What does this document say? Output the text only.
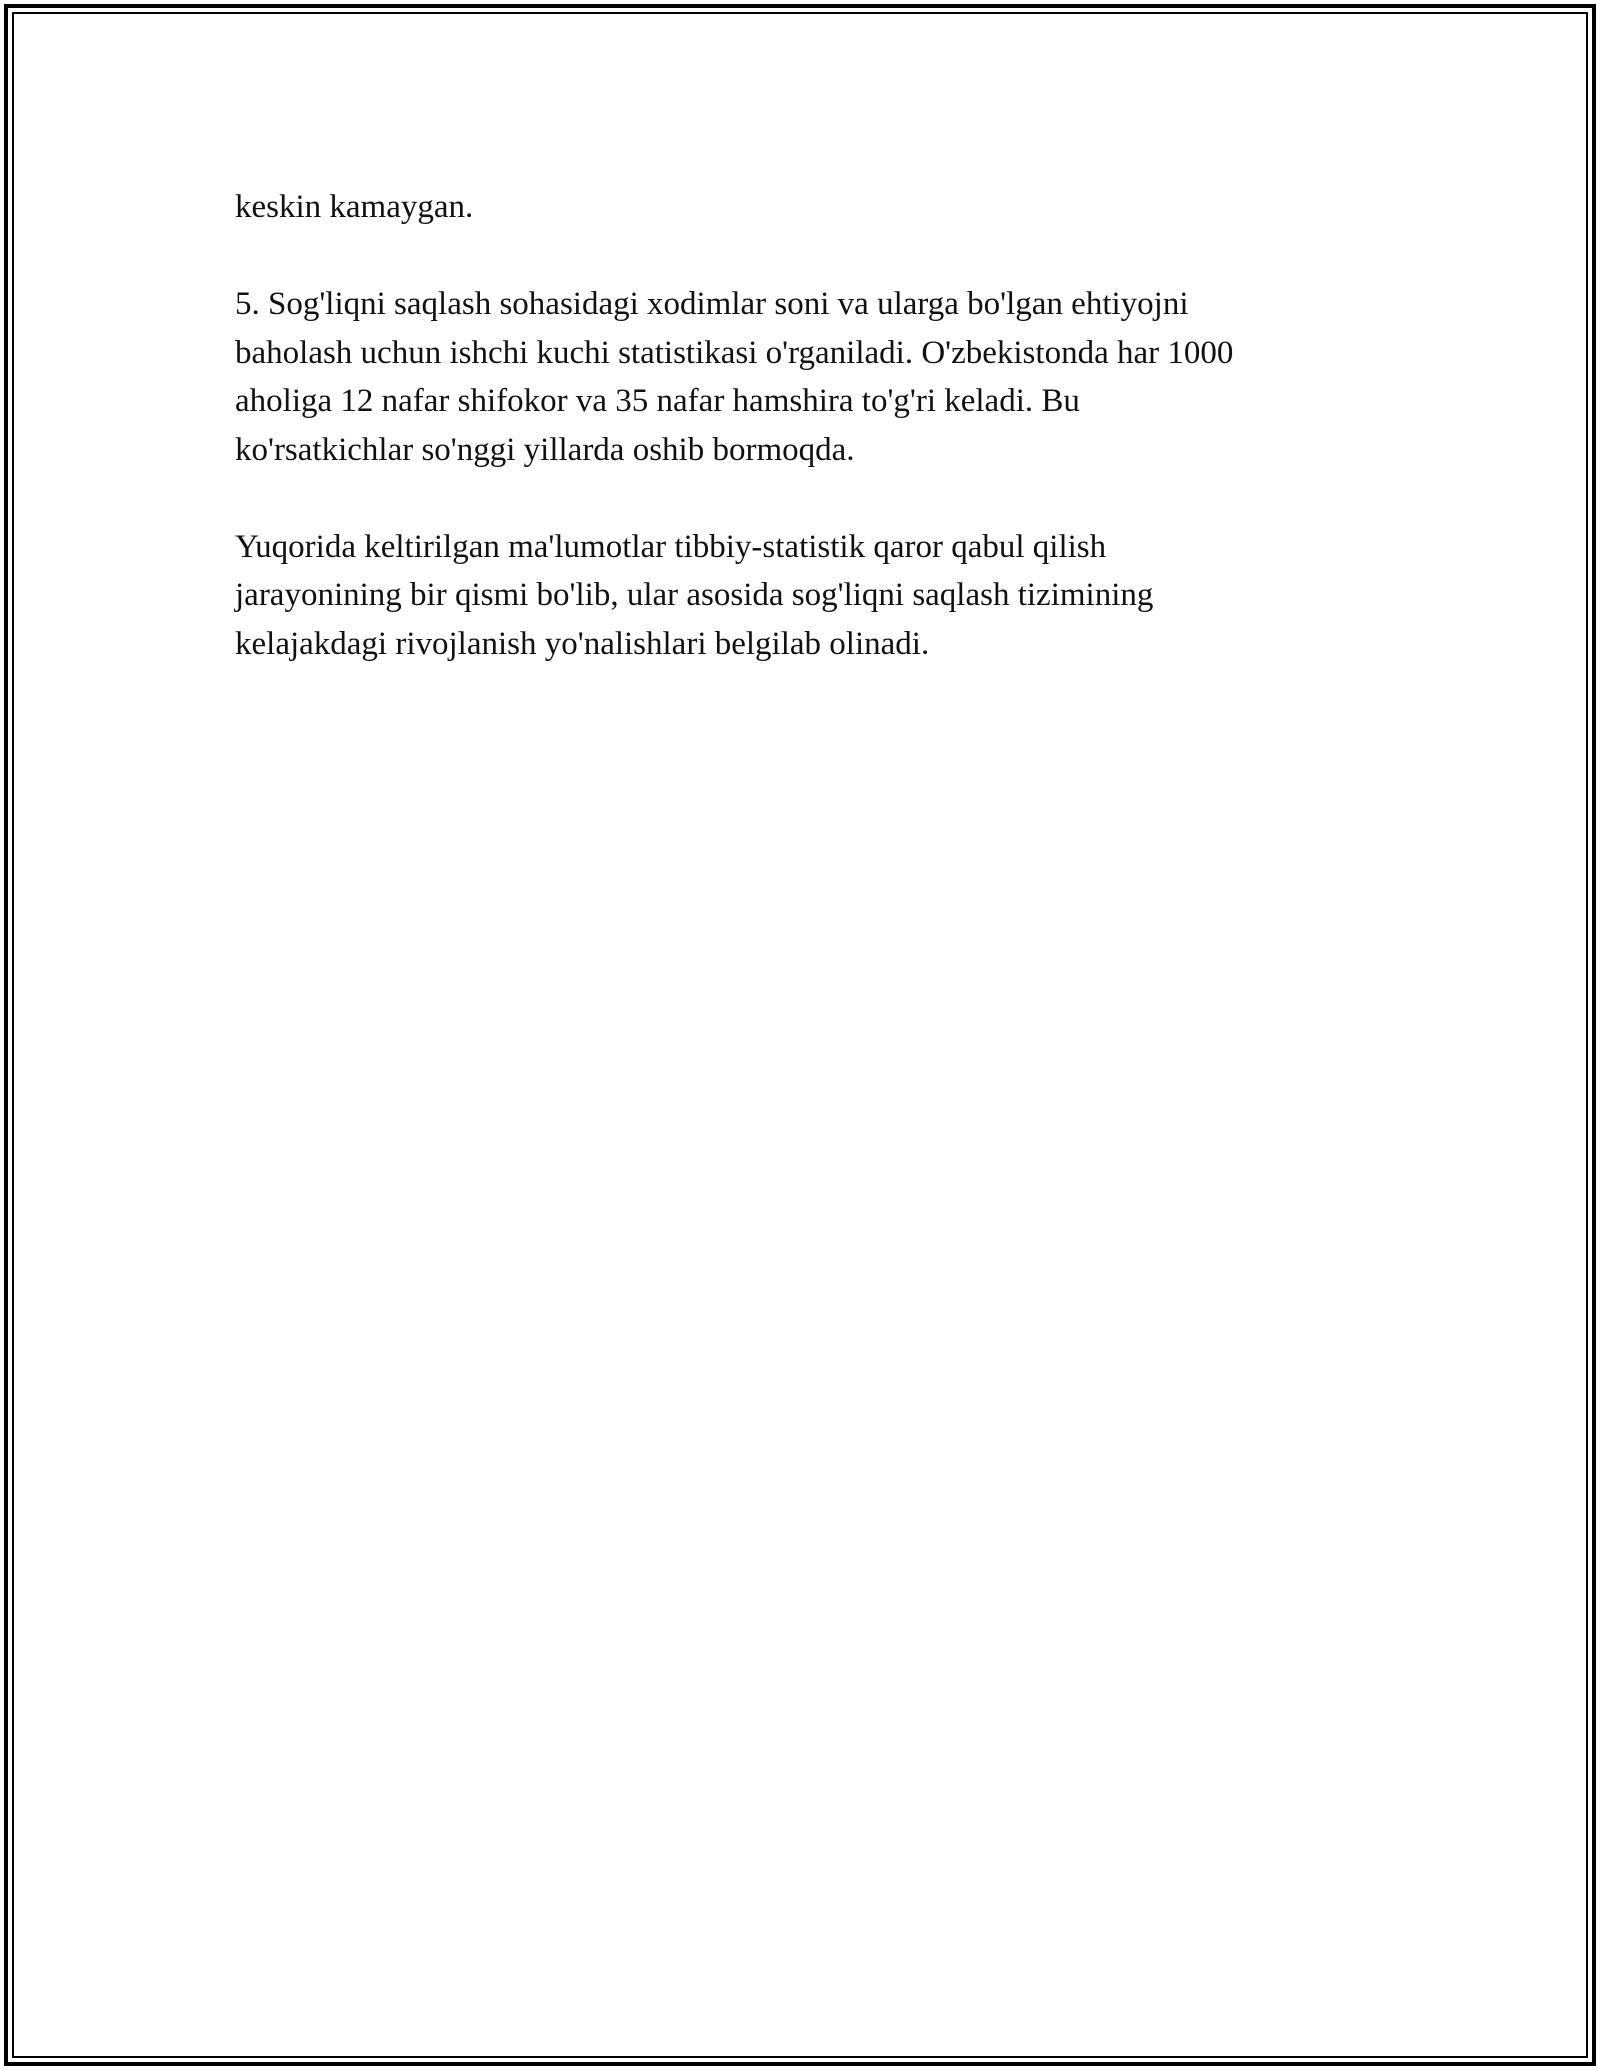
keskin kamaygan.

5. Sog'liqni saqlash sohasidagi xodimlar soni va ularga bo'lgan ehtiyojni
baholash uchun ishchi kuchi statistikasi o'rganiladi. O'zbekistonda har 1000
aholiga 12 nafar shifokor va 35 nafar hamshira to'g'ri keladi. Bu
ko'rsatkichlar so'nggi yillarda oshib bormoqda.

Yuqorida keltirilgan ma'lumotlar tibbiy-statistik qaror qabul qilish
jarayonining bir qismi bo'lib, ular asosida sog'liqni saqlash tizimining
kelajakdagi rivojlanish yo'nalishlari belgilab olinadi.
